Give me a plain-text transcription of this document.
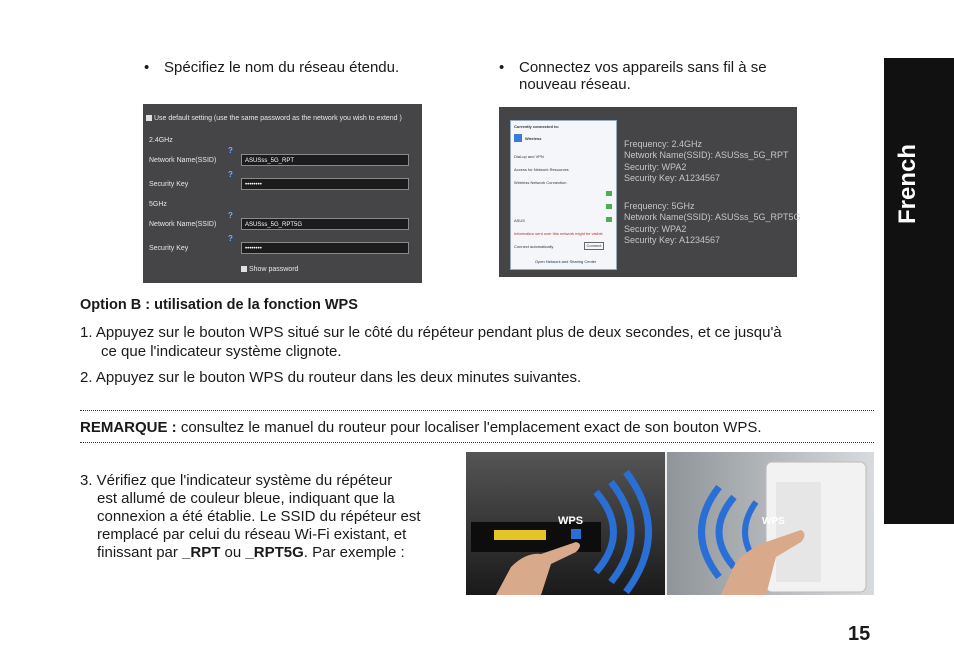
• Spécifiez le nom du réseau étendu.	• Connectez vos appareils sans fil à se nouveau réseau.
Use default setting (use the same password as the network you wish to extend )
2.4GHz
?
Network Name(SSID)	ASUSss_5G_RPT
?
Security Key	••••••••
5GHz
?
Network Name(SSID)	ASUSss_5G_RPT5G
?
Security Key	••••••••
Show password
Currently connected to:
Wireless
Dial-up and VPN
Access for Network Resources
Wireless Network Connection
ASUS
Information sent over this network might be visible
Connect automatically	Connect
Open Network and Sharing Center
Frequency: 2.4GHz
Network Name(SSID): ASUSss_5G_RPT
Security: WPA2
Security Key: A1234567
Frequency: 5GHz
Network Name(SSID): ASUSss_5G_RPT5G
Security: WPA2
Security Key: A1234567
Option B : utilisation de la fonction WPS
1. Appuyez sur le bouton WPS situé sur le côté du répéteur pendant plus de deux secondes, et ce jusqu'à
ce que l'indicateur système clignote.
2. Appuyez sur le bouton WPS du routeur dans les deux minutes suivantes.
REMARQUE : consultez le manuel du routeur pour localiser l'emplacement exact de son bouton WPS.
3. Vérifiez que l'indicateur système du répéteur
est allumé de couleur bleue, indiquant que la
connexion a été établie. Le SSID du répéteur est
remplacé par celui du réseau Wi-Fi existant, et
finissant par _RPT ou _RPT5G. Par exemple :
WPS	WPS
French
15
